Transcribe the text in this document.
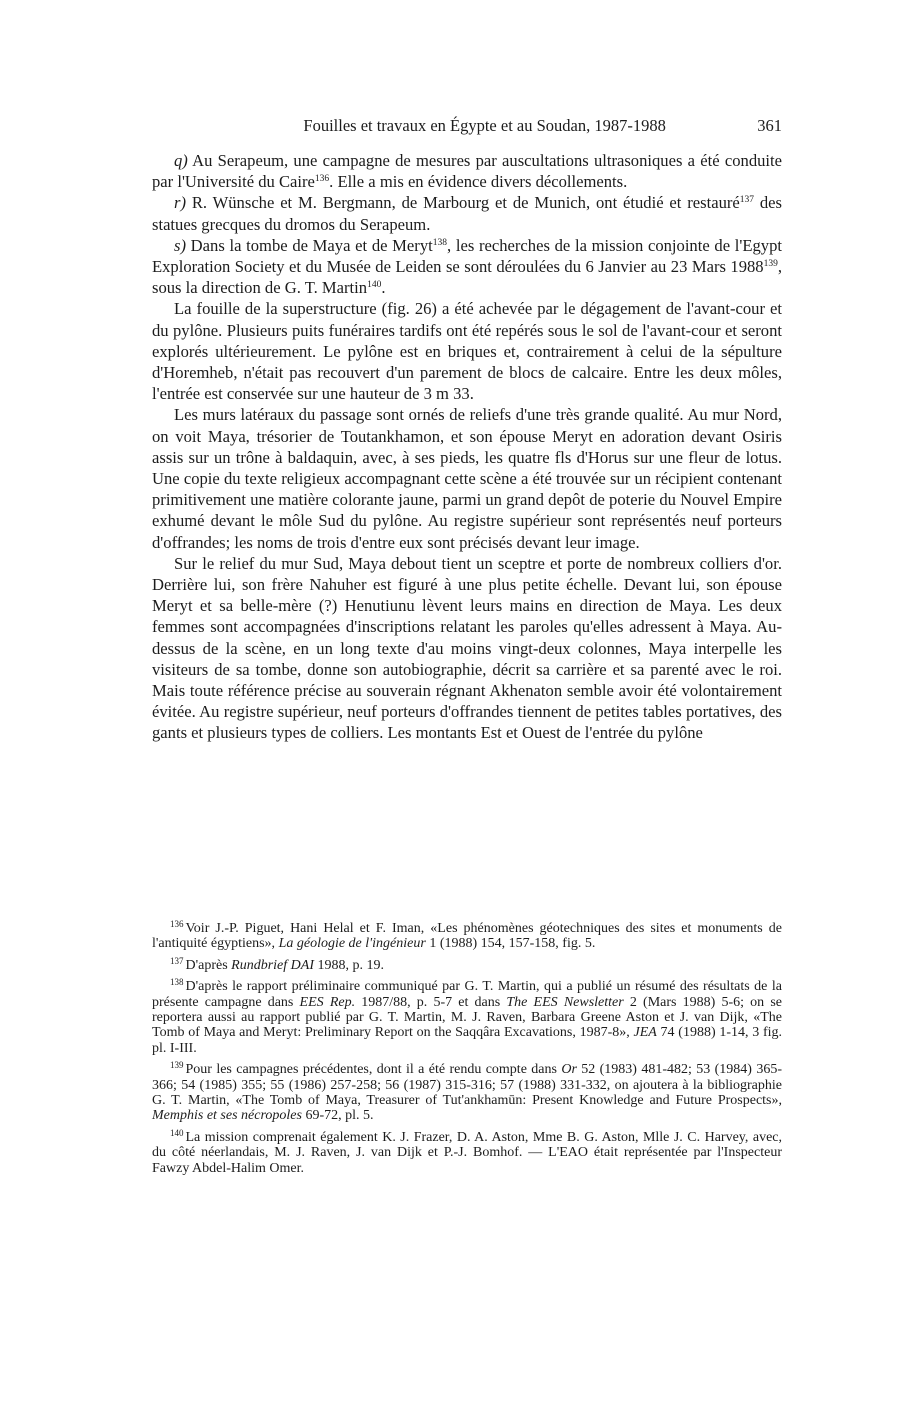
Fouilles et travaux en Égypte et au Soudan, 1987-1988	361

q) Au Serapeum, une campagne de mesures par auscultations ultrasoniques a été conduite par l'Université du Caire$^{136}$. Elle a mis en évidence divers décollements.

r) R. Wünsche et M. Bergmann, de Marbourg et de Munich, ont étudié et restauré$^{137}$ des statues grecques du dromos du Serapeum.

s) Dans la tombe de Maya et de Meryt$^{138}$, les recherches de la mission conjointe de l'Egypt Exploration Society et du Musée de Leiden se sont déroulées du 6 Janvier au 23 Mars 1988$^{139}$, sous la direction de G. T. Martin$^{140}$.

La fouille de la superstructure (fig. 26) a été achevée par le dégagement de l'avant-cour et du pylône. Plusieurs puits funéraires tardifs ont été repérés sous le sol de l'avant-cour et seront explorés ultérieurement. Le pylône est en briques et, contrairement à celui de la sépulture d'Horemheb, n'était pas recouvert d'un parement de blocs de calcaire. Entre les deux môles, l'entrée est conservée sur une hauteur de 3 m 33.

Les murs latéraux du passage sont ornés de reliefs d'une très grande qualité. Au mur Nord, on voit Maya, trésorier de Toutankhamon, et son épouse Meryt en adoration devant Osiris assis sur un trône à baldaquin, avec, à ses pieds, les quatre fls d'Horus sur une fleur de lotus. Une copie du texte religieux accompagnant cette scène a été trouvée sur un récipient contenant primitivement une matière colorante jaune, parmi un grand depôt de poterie du Nouvel Empire exhumé devant le môle Sud du pylône. Au registre supérieur sont représentés neuf porteurs d'offrandes; les noms de trois d'entre eux sont précisés devant leur image.

Sur le relief du mur Sud, Maya debout tient un sceptre et porte de nombreux colliers d'or. Derrière lui, son frère Nahuher est figuré à une plus petite échelle. Devant lui, son épouse Meryt et sa belle-mère (?) Henutiunu lèvent leurs mains en direction de Maya. Les deux femmes sont accompagnées d'inscriptions relatant les paroles qu'elles adressent à Maya. Au-dessus de la scène, en un long texte d'au moins vingt-deux colonnes, Maya interpelle les visiteurs de sa tombe, donne son autobiographie, décrit sa carrière et sa parenté avec le roi. Mais toute référence précise au souverain régnant Akhenaton semble avoir été volontairement évitée. Au registre supérieur, neuf porteurs d'offrandes tiennent de petites tables portatives, des gants et plusieurs types de colliers. Les montants Est et Ouest de l'entrée du pylône

$^{136}$ Voir J.-P. Piguet, Hani Helal et F. Iman, «Les phénomènes géotechniques des sites et monuments de l'antiquité égyptiens», La géologie de l'ingénieur 1 (1988) 154, 157-158, fig. 5.

$^{137}$ D'après Rundbrief DAI 1988, p. 19.

$^{138}$ D'après le rapport préliminaire communiqué par G. T. Martin, qui a publié un résumé des résultats de la présente campagne dans EES Rep. 1987/88, p. 5-7 et dans The EES Newsletter 2 (Mars 1988) 5-6; on se reportera aussi au rapport publié par G. T. Martin, M. J. Raven, Barbara Greene Aston et J. van Dijk, «The Tomb of Maya and Meryt: Preliminary Report on the Saqqâra Excavations, 1987-8», JEA 74 (1988) 1-14, 3 fig. pl. I-III.

$^{139}$ Pour les campagnes précédentes, dont il a été rendu compte dans Or 52 (1983) 481-482; 53 (1984) 365-366; 54 (1985) 355; 55 (1986) 257-258; 56 (1987) 315-316; 57 (1988) 331-332, on ajoutera à la bibliographie G. T. Martin, «The Tomb of Maya, Treasurer of Tut'ankhamūn: Present Knowledge and Future Prospects», Memphis et ses nécropoles 69-72, pl. 5.

$^{140}$ La mission comprenait également K. J. Frazer, D. A. Aston, Mme B. G. Aston, Mlle J. C. Harvey, avec, du côté néerlandais, M. J. Raven, J. van Dijk et P.-J. Bomhof. — L'EAO était représentée par l'Inspecteur Fawzy Abdel-Halim Omer.
